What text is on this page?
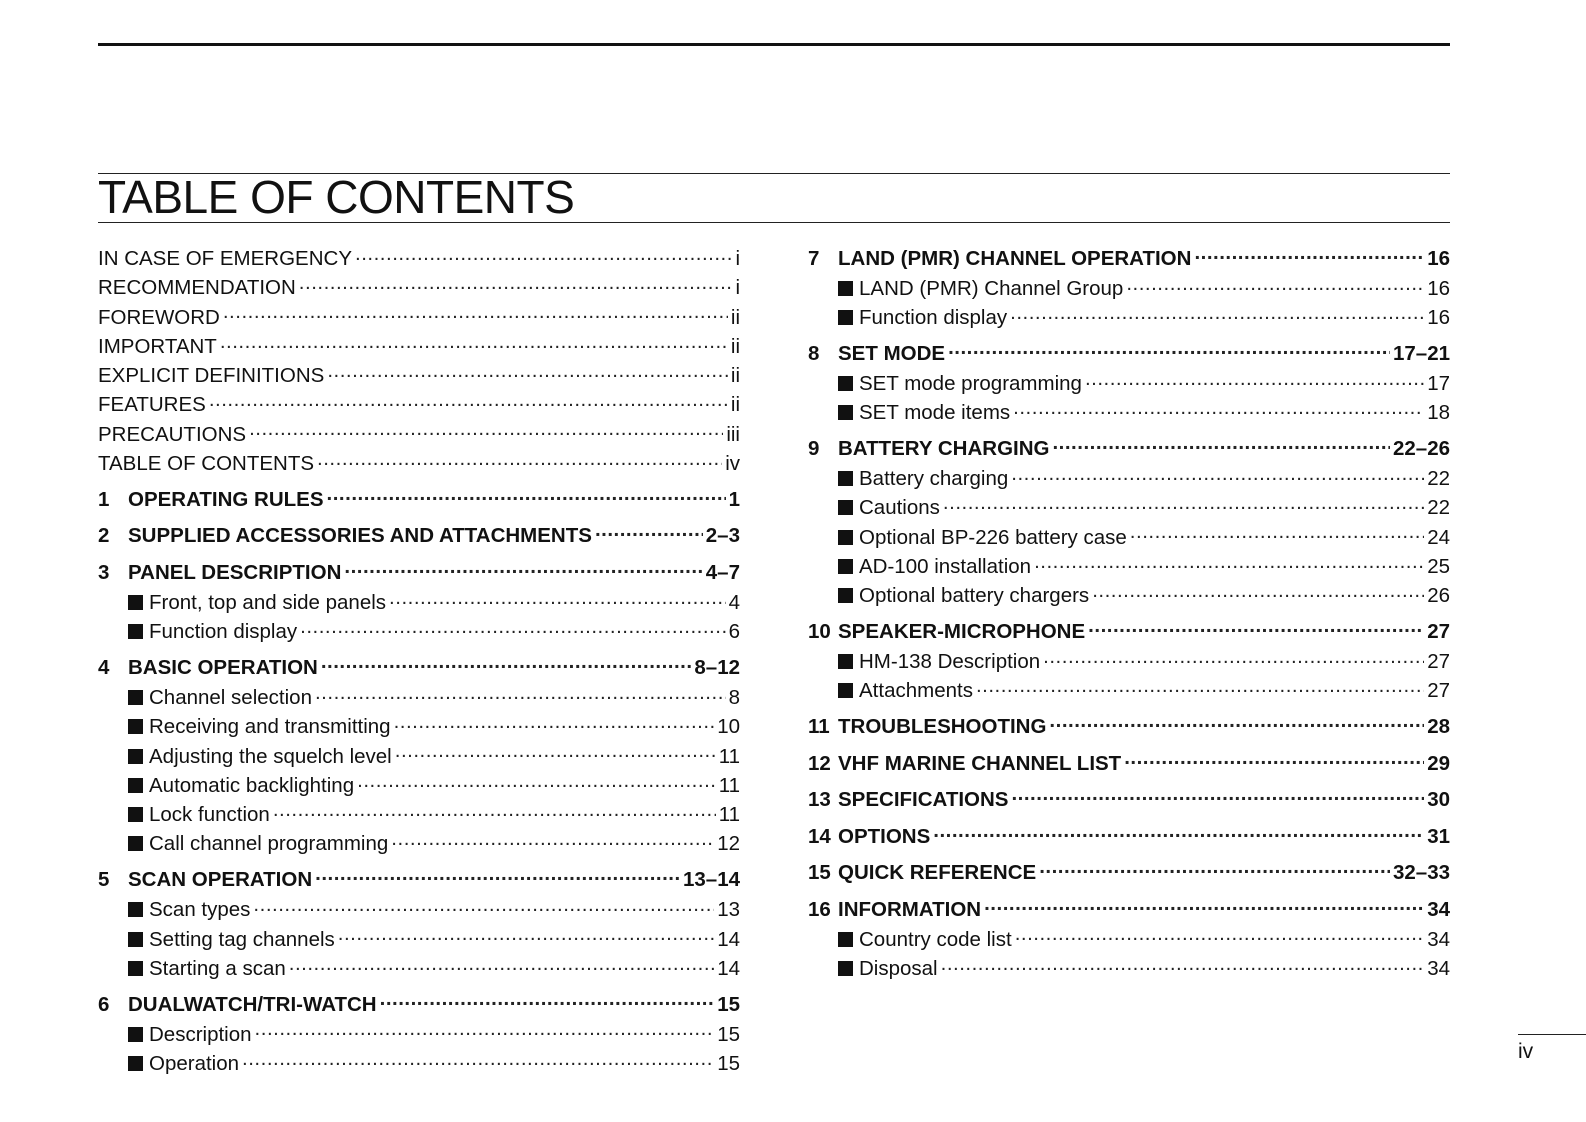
TABLE OF CONTENTS
IN CASE OF EMERGENCY .....	i
RECOMMENDATION .....	i
FOREWORD .....	ii
IMPORTANT .....	ii
EXPLICIT DEFINITIONS .....	ii
FEATURES .....	ii
PRECAUTIONS .....	iii
TABLE OF CONTENTS .....	iv
1 OPERATING RULES .....	1
2 SUPPLIED ACCESSORIES AND ATTACHMENTS .....	2–3
3 PANEL DESCRIPTION .....	4–7
Front, top and side panels .....	4
Function display .....	6
4 BASIC OPERATION .....	8–12
Channel selection .....	8
Receiving and transmitting .....	10
Adjusting the squelch level .....	11
Automatic backlighting .....	11
Lock function .....	11
Call channel programming .....	12
5 SCAN OPERATION .....	13–14
Scan types .....	13
Setting tag channels .....	14
Starting a scan .....	14
6 DUALWATCH/TRI-WATCH .....	15
Description .....	15
Operation .....	15
7 LAND (PMR) CHANNEL OPERATION .....	16
LAND (PMR) Channel Group .....	16
Function display .....	16
8 SET MODE .....	17–21
SET mode programming .....	17
SET mode items .....	18
9 BATTERY CHARGING .....	22–26
Battery charging .....	22
Cautions .....	22
Optional BP-226 battery case .....	24
AD-100 installation .....	25
Optional battery chargers .....	26
10 SPEAKER-MICROPHONE .....	27
HM-138 Description .....	27
Attachments .....	27
11 TROUBLESHOOTING .....	28
12 VHF MARINE CHANNEL LIST .....	29
13 SPECIFICATIONS .....	30
14 OPTIONS .....	31
15 QUICK REFERENCE .....	32–33
16 INFORMATION .....	34
Country code list .....	34
Disposal .....	34
iv
